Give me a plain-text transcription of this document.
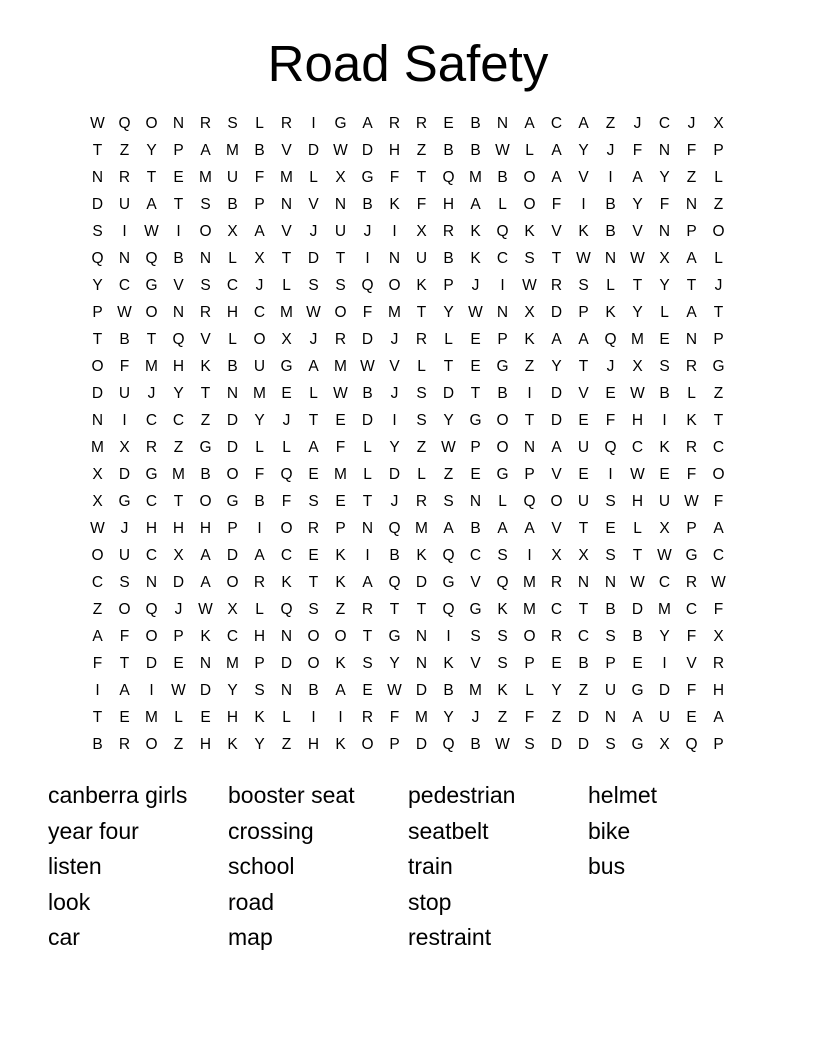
Road Safety
W Q O N	R	S	L	R	I	G	A	R	R	E	B	N	A	C	A	Z	J	C	J	X
T	Z	Y	P	A M B	V	D W D	H	Z	B	B W L	A	Y	J	F	N	F	P
N	R	T	E M U	F	M	L	X	G	F	T	Q M B	O	A	V	I	A	Y	Z	L
D	U	A	T	S	B	P	N	V	N	B	K	F	H	A	L	O	F	I	B	Y	F	N	Z
S	I	W	I	O	X	A	V	J	U	J	I	X	R	K	Q	K	V	K	B	V	N	P	O
Q N Q	B	N	L	X	T	D	T	I	N	U	B	K	C	S	T W N W X	A	L
Y	C G	V	S	C	J	L	S	S	Q O	K	P	J	I	W R	S	L	T	Y	T	J
P W O N	R	H	C M W O	F	M	T	Y W N	X	D	P	K	Y	L	A	T
T	B	T	Q	V	L	O	X	J	R	D	J	R	L	E	P	K	A	A	Q M E	N	P
O	F	M H	K	B	U G	A M W V	L	T	E	G	Z	Y	T	J	X	S	R G
D	U	J	Y	T	N M E	L W B	J	S	D	T	B	I	D	V	E W B	L	Z
N	I	C	C	Z	D	Y	J	T	E	D	I	S	Y	G O	T	D	E	F	H	I	K	T
M X	R	Z	G D	L	L	A	F	L	Y	Z W P	O N	A	U Q C	K	R	C
X	D G M B	O	F	Q	E M	L	D	L	Z	E	G	P	V	E	I	W E	F	O
X	G C	T	O G	B	F	S	E	T	J	R	S	N	L	Q O U	S	H	U W F
W	J	H	H	H	P	I	O R	P	N Q M A	B	A	A	V	T	E	L	X	P	A
O U	C	X	A	D	A	C	E	K	I	B	K	Q C	S	I	X	X	S	T W G C
C	S	N	D	A	O R	K	T	K	A	Q D G	V	Q M R	N	N W C	R W
Z	O Q	J	W X	L	Q	S	Z	R	T	T	Q G	K M C	T	B	D M C	F
A	F	O	P	K	C	H	N O O	T	G N	I	S	S	O R	C	S	B	Y	F	X
F	T	D	E	N M P	D O	K	S	Y	N	K	V	S	P	E	B	P	E	I	V	R
I	A	I	W D	Y	S	N	B	A	E W D	B M K	L	Y	Z	U G D	F	H
T	E M	L	E	H	K	L	I	I	R	F	M Y	J	Z	F	Z	D	N	A	U	E	A
B	R O	Z	H	K	Y	Z	H	K	O	P	D Q	B W S	D	D	S	G	X	Q	P
canberra girls
year four
listen
look
car
booster seat
crossing
school
road
map
pedestrian
seatbelt
train
stop
restraint
helmet
bike
bus
